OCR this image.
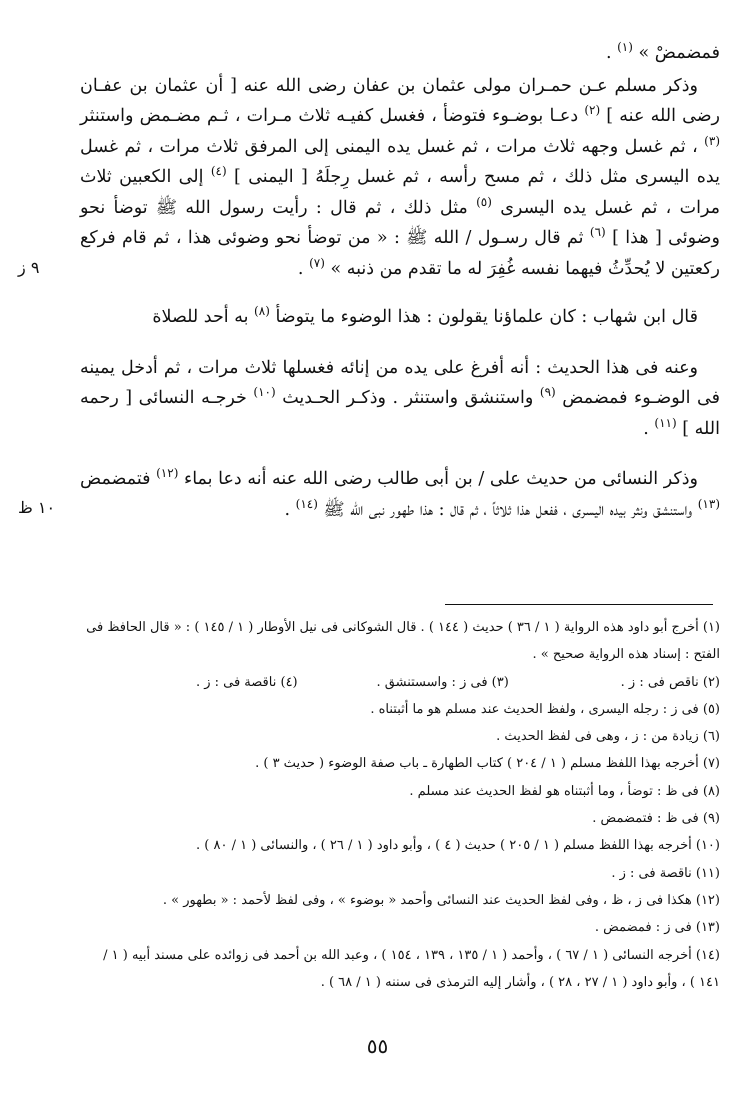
فمضمضْ » $^{(١)}$ .

وذكر مسلم عـن حمـران مولى عثمان بن عفان رضى الله عنه [ أن عثمان بن عفـان رضى الله عنه ] $^{(٢)}$ دعـا بوضـوء فتوضأ ، فغسل كفيـه ثلاث مـرات ، ثـم مضـمض واستنثر $^{(٣)}$ ، ثم غسل وجهه ثلاث مرات ، ثم غسل يده اليمنى إلى المرفق ثلاث مرات ، ثم غسل يده اليسرى مثل ذلك ، ثم مسح رأسه ، ثم غسل رِجلَهُ [ اليمنى ] $^{(٤)}$ إلى الكعبين ثلاث مرات ، ثم غسل يده اليسرى $^{(٥)}$ مثل ذلك ، ثم قال : رأيت رسول الله ﷺ توضأ نحو وضوئى [ هذا ] $^{(٦)}$ ثم قال رسـول / الله ﷺ : « من توضأ نحو وضوئى هذا ، ثم قام فركع ركعتين لا يُحدِّثُ فيهما نفسه غُفِرَ له ما تقدم من ذنبه » $^{(٧)}$ .

قال ابن شهاب : كان علماؤنا يقولون : هذا الوضوء ما يتوضأ $^{(٨)}$ به أحد للصلاة

وعنه فى هذا الحديث : أنه أفرغ على يده من إنائه فغسلها ثلاث مرات ، ثم أدخل يمينه فى الوضـوء فمضمض $^{(٩)}$ واستنشق واستنثر . وذكـر الحـديث $^{(١٠)}$ خرجـه النسائى [ رحمه الله ] $^{(١١)}$ .

وذكر النسائى من حديث على / بن أبى طالب رضى الله عنه أنه دعا بماء $^{(١٢)}$ فتمضمض $^{(١٣)}$ واستنشق ونثر بيده اليسرى ، ففعل هذا ثلاثاً ، ثم قال : هذا طهور نبى الله ﷺ $^{(١٤)}$ .

٩ ز
١٠ ظ
(١) أخرج أبو داود هذه الرواية ( ١ / ٣٦ ) حديث ( ١٤٤ ) . قال الشوكانى فى نيل الأوطار ( ١ / ١٤٥ ) : « قال الحافظ فى الفتح : إسناد هذه الرواية صحيح » .
(٢) ناقص فى : ز .
(٣) فى ز : واسستنشق .
(٤) ناقصة فى : ز .
(٥) فى ز : رجله اليسرى ، ولفظ الحديث عند مسلم هو ما أثبتناه .
(٦) زيادة من : ز ، وهى فى لفظ الحديث .
(٧) أخرجه بهذا اللفظ مسلم ( ١ / ٢٠٤ ) كتاب الطهارة ـ باب صفة الوضوء ( حديث ٣ ) .
(٨) فى ظ : توضأ ، وما أثبتناه هو لفظ الحديث عند مسلم .
(٩) فى ظ : فتمضمض .
(١٠) أخرجه بهذا اللفظ مسلم ( ١ / ٢٠٥ ) حديث ( ٤ ) ، وأبو داود ( ١ / ٢٦ ) ، والنسائى ( ١ / ٨٠ ) .
(١١) ناقصة فى : ز .
(١٢) هكذا فى ز ، ظ ، وفى لفظ الحديث عند النسائى وأحمد « بوضوء » ، وفى لفظ لأحمد : « بطهور » .
(١٣) فى ز : فمضمض .
(١٤) أخرجه النسائى ( ١ / ٦٧ ) ، وأحمد ( ١ / ١٣٥ ، ١٣٩ ، ١٥٤ ) ، وعبد الله بن أحمد فى زوائده على مسند أبيه ( ١ / ١٤١ ) ، وأبو داود ( ١ / ٢٧ ، ٢٨ ) ، وأشار إليه الترمذى فى سننه ( ١ / ٦٨ ) .
٥٥
